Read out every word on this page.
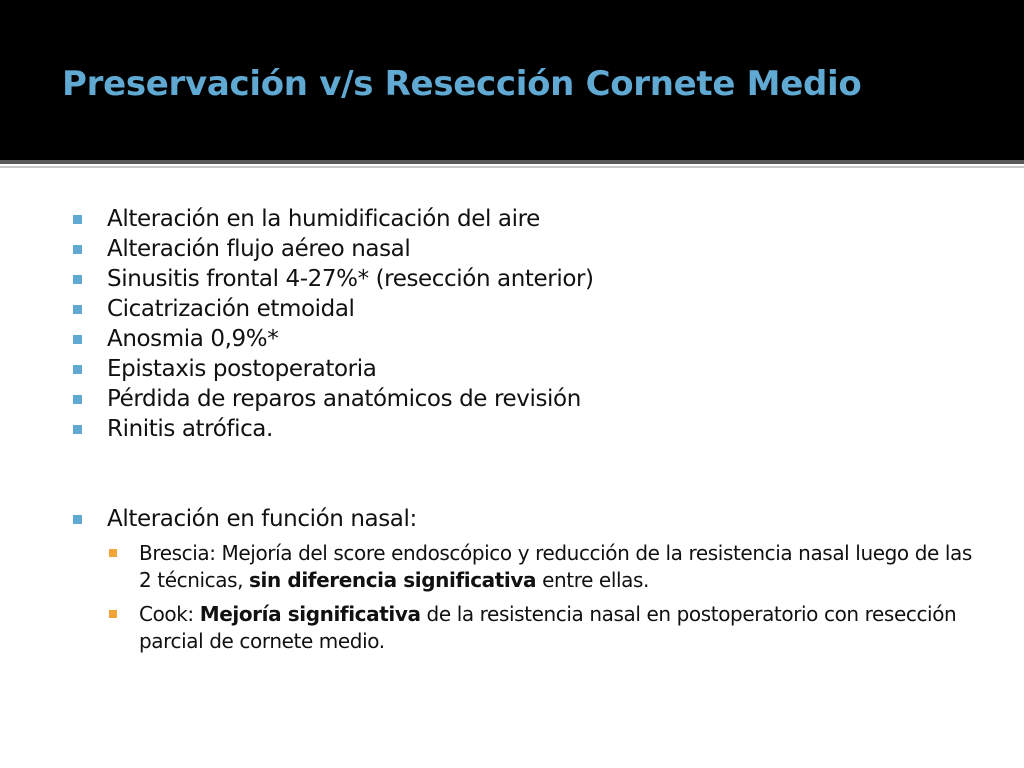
Preservación v/s Resección Cornete Medio
Alteración en la humidificación del aire
Alteración flujo aéreo nasal
Sinusitis frontal 4-27%* (resección anterior)
Cicatrización etmoidal
Anosmia 0,9%*
Epistaxis postoperatoria
Pérdida de reparos anatómicos de revisión
Rinitis atrófica.
Alteración en función nasal:
Brescia: Mejoría del score endoscópico y reducción de la resistencia nasal luego de las 2 técnicas, sin diferencia significativa entre ellas.
Cook: Mejoría significativa de la resistencia nasal en postoperatorio con resección parcial de cornete medio.
